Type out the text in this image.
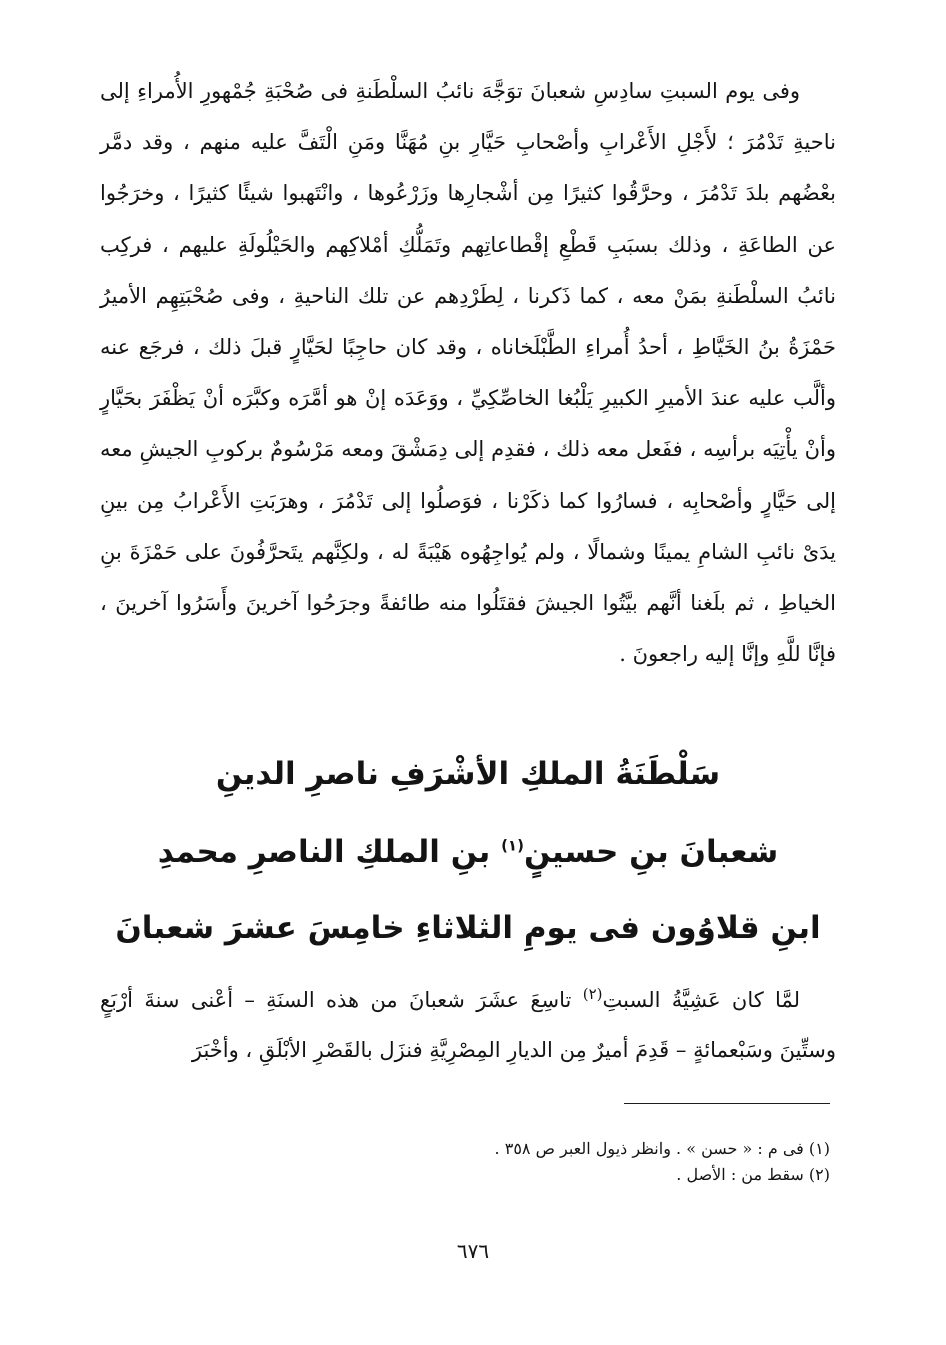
وفى يوم السبتِ سادِسِ شعبانَ توَجَّهَ نائبُ السلْطَنةِ فى صُحْبَةِ جُمْهورِ الأُمراءِ إلى ناحيةِ تَدْمُرَ ؛ لأَجْلِ الأَعْرابِ وأصْحابِ حَيَّارِ بنِ مُهَنَّا ومَنِ الْتَفَّ عليه منهم ، وقد دمَّر بعْضُهم بلدَ تَدْمُرَ ، وحرَّقُوا كثيرًا مِن أشْجارِها وزَرْعُوها ، وانْتَهبوا شيئًا كثيرًا ، وخرَجُوا عن الطاعَةِ ، وذلك بسبَبِ قَطْعِ إقْطاعاتِهم وتَمَلُّكِ أمْلاكِهم والحَيْلُولَةِ عليهم ، فركِب نائبُ السلْطَنةِ بمَنْ معه ، كما ذَكرنا ، لِطَرْدِهم عن تلك الناحيةِ ، وفى صُحْبَتِهِم الأميرُ حَمْزَةُ بنُ الخَيَّاطِ ، أحدُ أُمراءِ الطَّبْلَخاناه ، وقد كان حاجِبًا لحَيَّارٍ قبلَ ذلك ، فرجَع عنه وألَّب عليه عندَ الأميرِ الكبيرِ يَلْبُغا الخاصِّكِيِّ ، ووَعَدَه إنْ هو أمَّرَه وكبَّرَه أنْ يَظْفَرَ بحَيَّارٍ وأنْ يأْتِيَه برأسِه ، ففَعل معه ذلك ، فقدِم إلى دِمَشْقَ ومعه مَرْسُومٌ بركوبِ الجيشِ معه إلى حَيَّارٍ وأصْحابِه ، فسارُوا كما ذكَرْنا ، فوَصلُوا إلى تَدْمُرَ ، وهرَبَتِ الأَعْرابُ مِن بينِ يدَىْ نائبِ الشامِ يمينًا وشمالًا ، ولم يُواجِهُوه هَيْبَةً له ، ولكِنَّهم يتَحرَّفُونَ على حَمْزَةَ بنِ الخياطِ ، ثم بلَغنا أنَّهم بيَّتُوا الجيشَ فقتَلُوا منه طائفةً وجرَحُوا آخرينَ وأَسَرُوا آخرينَ ، فإنَّا للَّهِ وإنَّا إليه راجعونَ .

سَلْطَنَةُ الملكِ الأشْرَفِ ناصرِ الدينِ
شعبانَ بنِ حسينٍ$^{(١)}$ بنِ الملكِ الناصرِ محمدِ
ابنِ قلاوُون فى يومِ الثلاثاءِ خامِسَ عشرَ شعبانَ

لمَّا كان عَشِيَّةُ السبتِ$^{(٢)}$ تاسِعَ عشَرَ شعبانَ من هذه السنَةِ – أعْنى سنةَ أرْبَعٍ وستِّينَ وسَبْعمائةٍ – قَدِمَ أميرٌ مِن الديارِ المِصْرِيَّةِ فنزَل بالقَصْرِ الأبْلَقِ ، وأخْبَرَ

(١) فى م : « حسن » . وانظر ذيول العبر ص ٣٥٨ .
(٢) سقط من : الأصل .
٦٧٦
